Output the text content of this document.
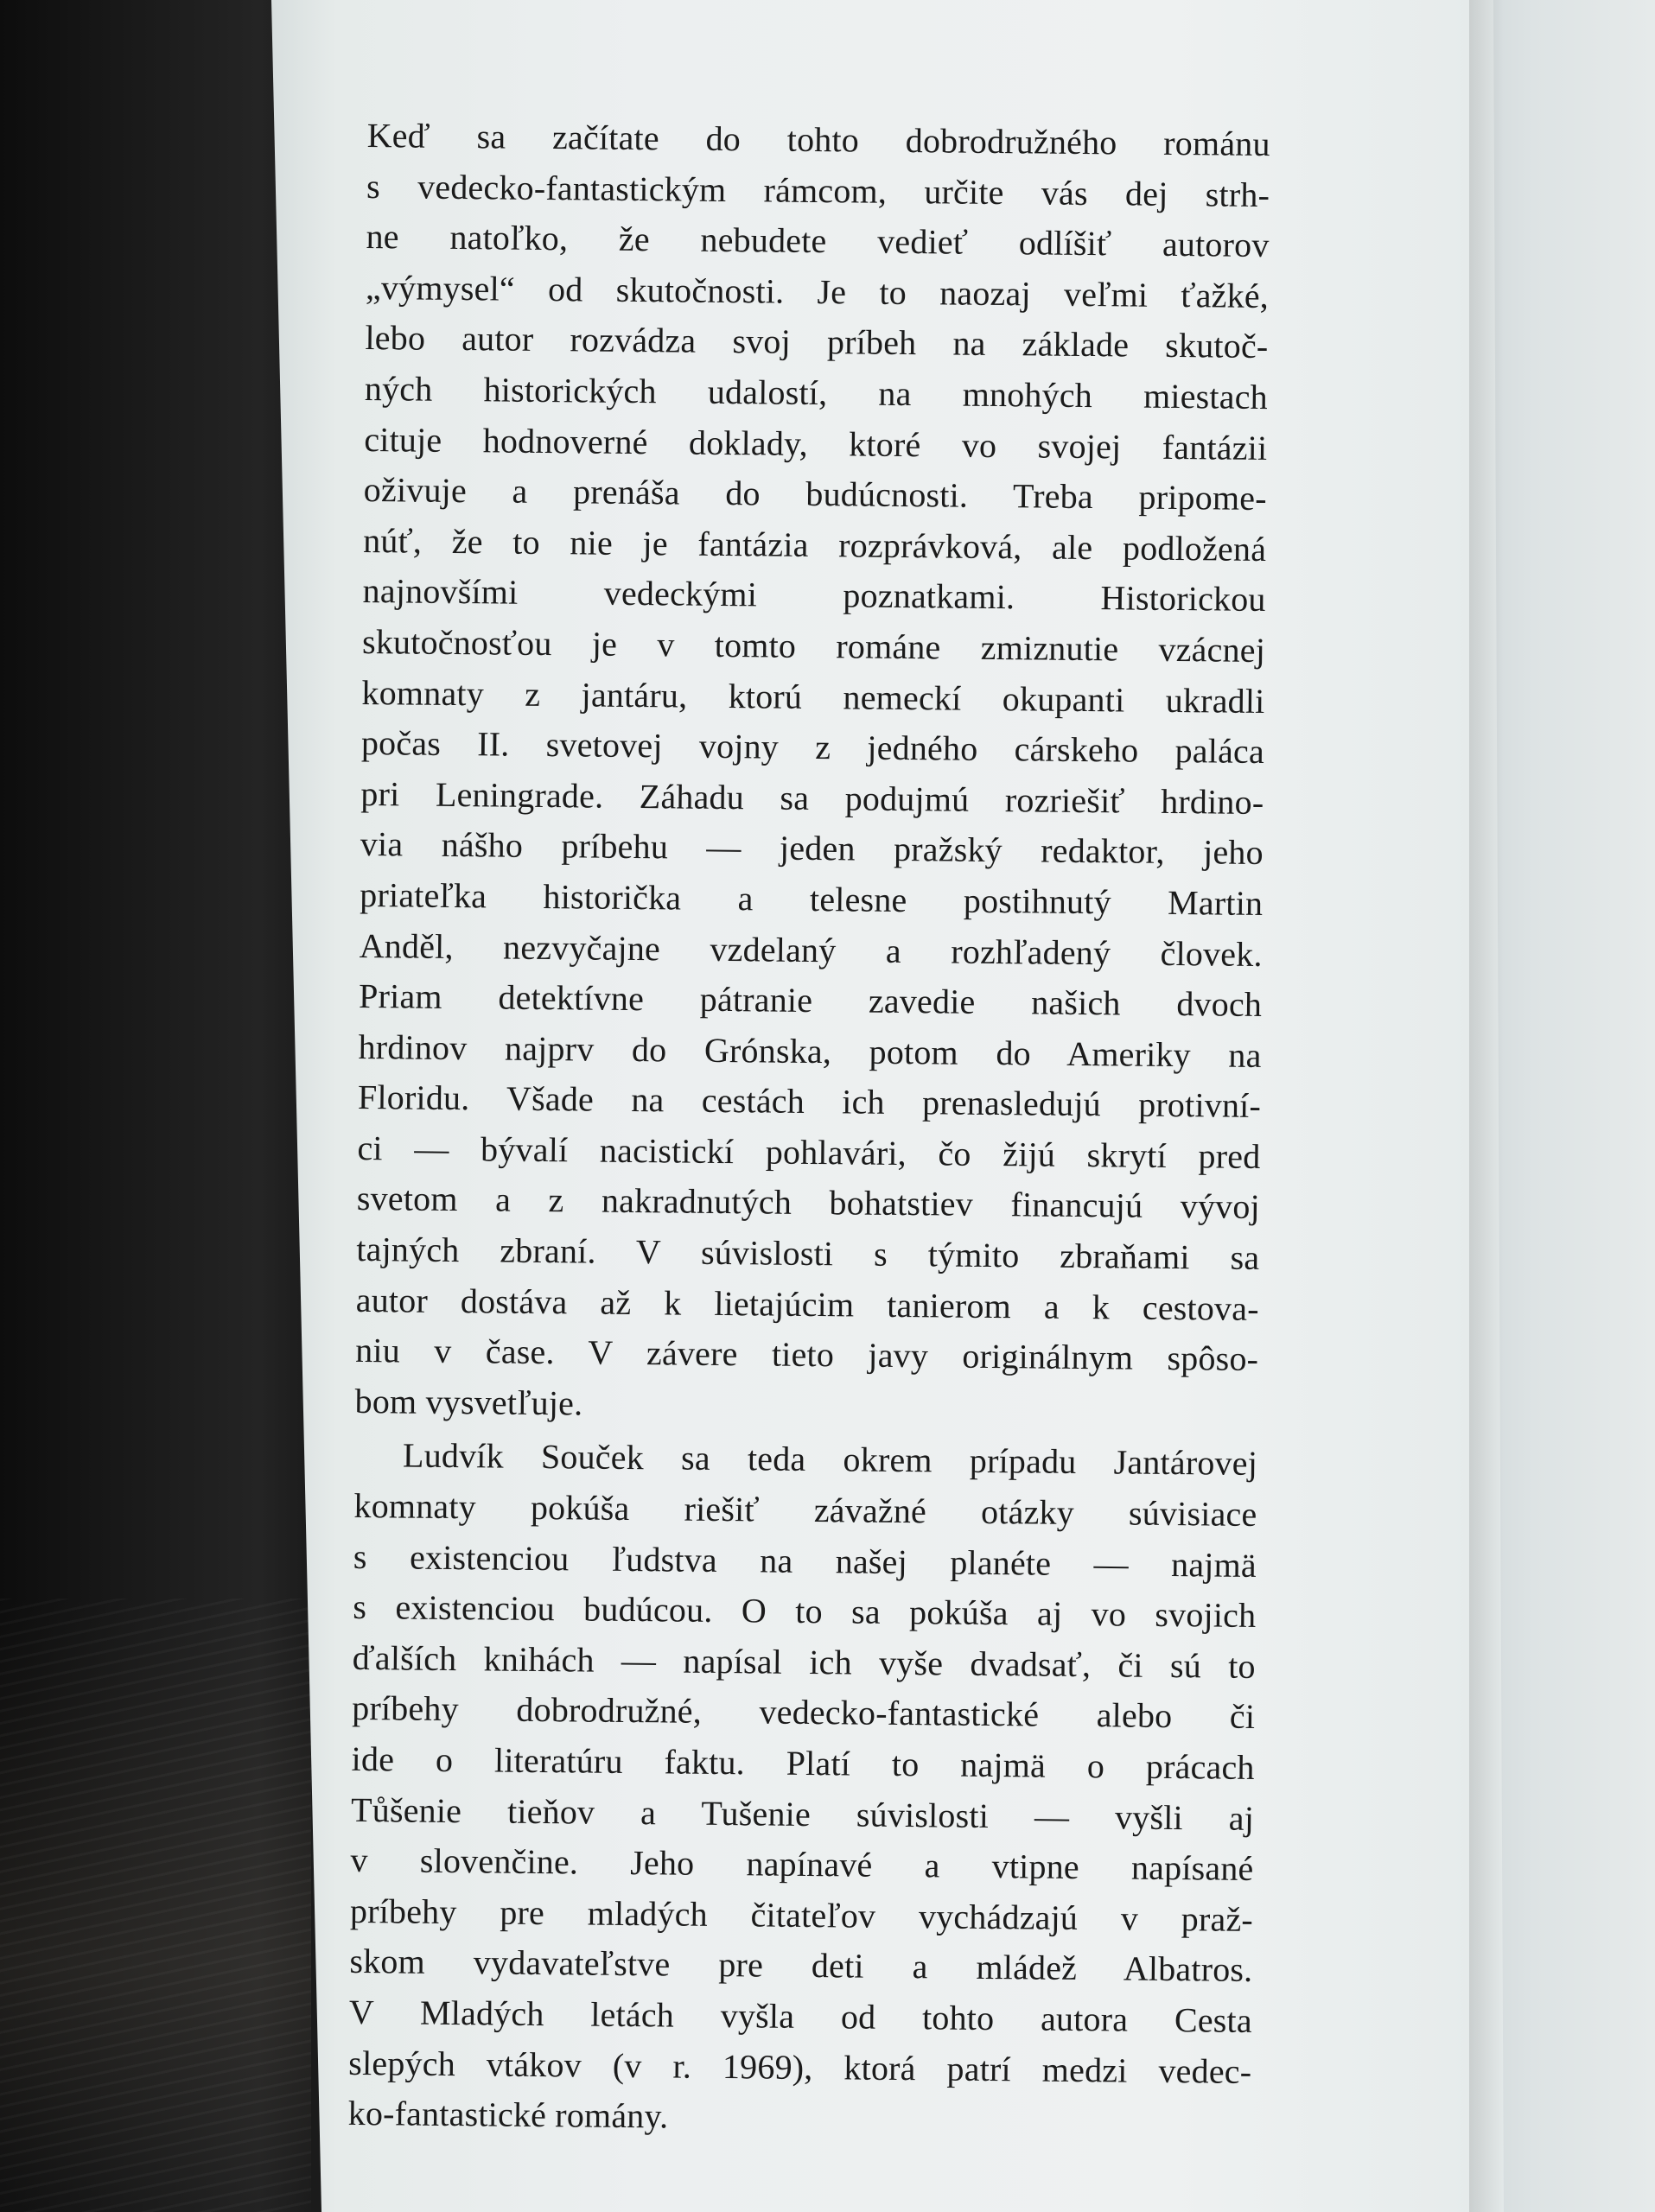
Keď sa začítate do tohto dobrodružného románu
s vedecko-fantastickým rámcom, určite vás dej strh-
ne natoľko, že nebudete vedieť odlíšiť autorov
„výmysel“ od skutočnosti. Je to naozaj veľmi ťažké,
lebo autor rozvádza svoj príbeh na základe skutoč-
ných historických udalostí, na mnohých miestach
cituje hodnoverné doklady, ktoré vo svojej fantázii
oživuje a prenáša do budúcnosti. Treba pripome-
núť, že to nie je fantázia rozprávková, ale podložená
najnovšími vedeckými poznatkami. Historickou
skutočnosťou je v tomto románe zmiznutie vzácnej
komnaty z jantáru, ktorú nemeckí okupanti ukradli
počas II. svetovej vojny z jedného cárskeho paláca
pri Leningrade. Záhadu sa podujmú rozriešiť hrdino-
via nášho príbehu — jeden pražský redaktor, jeho
priateľka historička a telesne postihnutý Martin
Anděl, nezvyčajne vzdelaný a rozhľadený človek.
Priam detektívne pátranie zavedie našich dvoch
hrdinov najprv do Grónska, potom do Ameriky na
Floridu. Všade na cestách ich prenasledujú protivní-
ci — bývalí nacistickí pohlavári, čo žijú skrytí pred
svetom a z nakradnutých bohatstiev financujú vývoj
tajných zbraní. V súvislosti s týmito zbraňami sa
autor dostáva až k lietajúcim tanierom a k cestova-
niu v čase. V závere tieto javy originálnym spôso-
bom vysvetľuje.
Ludvík Souček sa teda okrem prípadu Jantárovej
komnaty pokúša riešiť závažné otázky súvisiace
s existenciou ľudstva na našej planéte — najmä
s existenciou budúcou. O to sa pokúša aj vo svojich
ďalších knihách — napísal ich vyše dvadsať, či sú to
príbehy dobrodružné, vedecko-fantastické alebo či
ide o literatúru faktu. Platí to najmä o prácach
Tůšenie tieňov a Tušenie súvislosti — vyšli aj
v slovenčine. Jeho napínavé a vtipne napísané
príbehy pre mladých čitateľov vychádzajú v praž-
skom vydavateľstve pre deti a mládež Albatros.
V Mladých letách vyšla od tohto autora Cesta
slepých vtákov (v r. 1969), ktorá patrí medzi vedec-
ko-fantastické romány.
